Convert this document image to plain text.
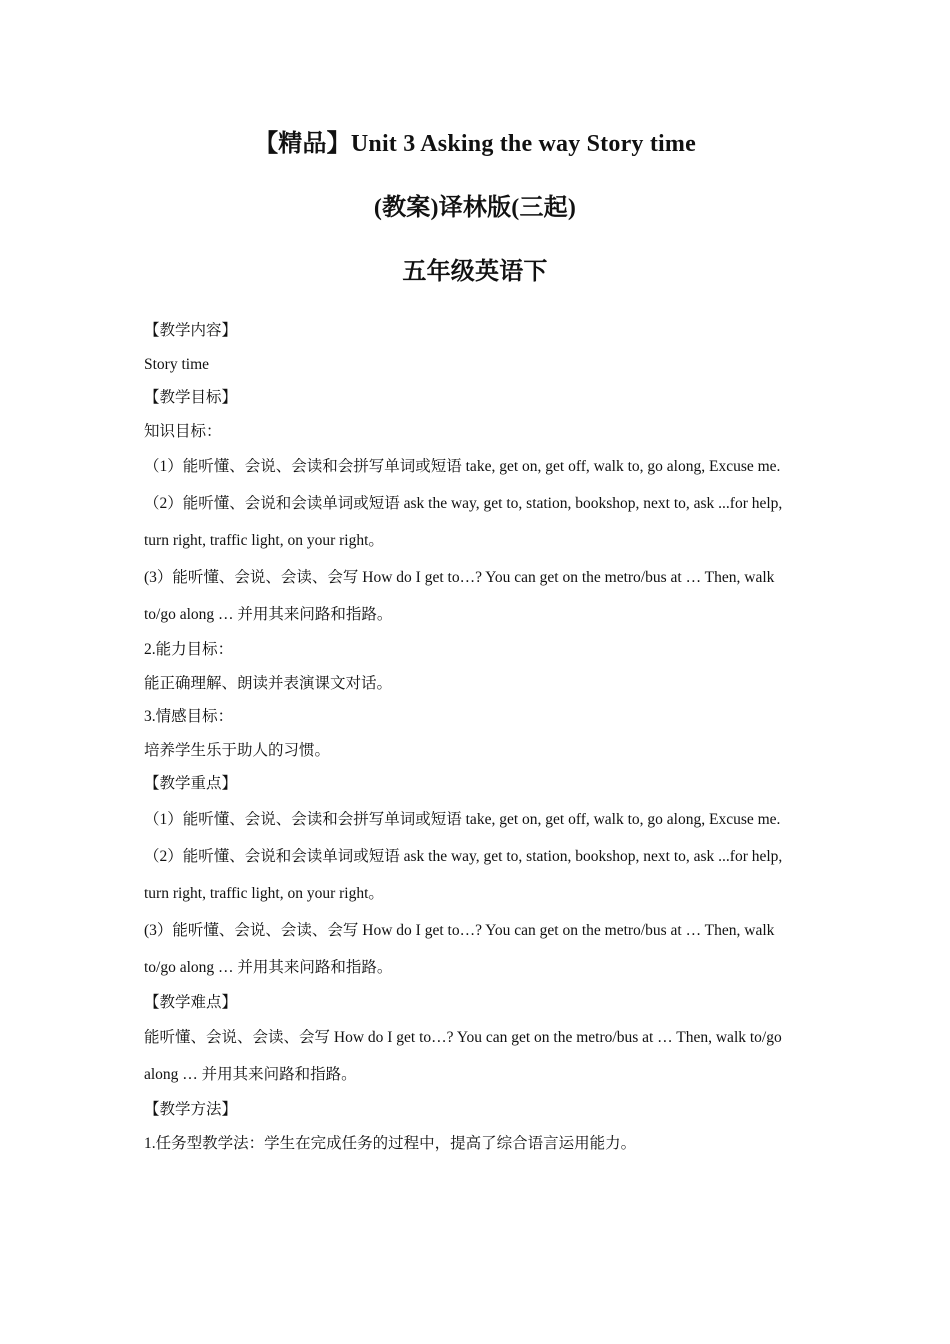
【精品】Unit 3 Asking the way Story time

(教案)译林版(三起)

五年级英语下

【教学内容】

Story time

【教学目标】

知识目标：

（1）能听懂、会说、会读和会拼写单词或短语 take, get on, get off, walk to, go along, Excuse me.

（2）能听懂、会说和会读单词或短语 ask the way, get to, station, bookshop, next to, ask ...for help, turn right, traffic light, on your right。

(3）能听懂、会说、会读、会写 How do I get to…? You can get on the metro/bus at … Then, walk to/go along … 并用其来问路和指路。

2.能力目标：

能正确理解、朗读并表演课文对话。

3.情感目标：

培养学生乐于助人的习惯。

【教学重点】

（1）能听懂、会说、会读和会拼写单词或短语 take, get on, get off, walk to, go along, Excuse me.

（2）能听懂、会说和会读单词或短语 ask the way, get to, station, bookshop, next to, ask ...for help, turn right, traffic light, on your right。

(3）能听懂、会说、会读、会写 How do I get to…? You can get on the metro/bus at … Then, walk to/go along … 并用其来问路和指路。

【教学难点】

能听懂、会说、会读、会写 How do I get to…? You can get on the metro/bus at … Then, walk to/go along … 并用其来问路和指路。

【教学方法】

1.任务型教学法：学生在完成任务的过程中，提高了综合语言运用能力。
